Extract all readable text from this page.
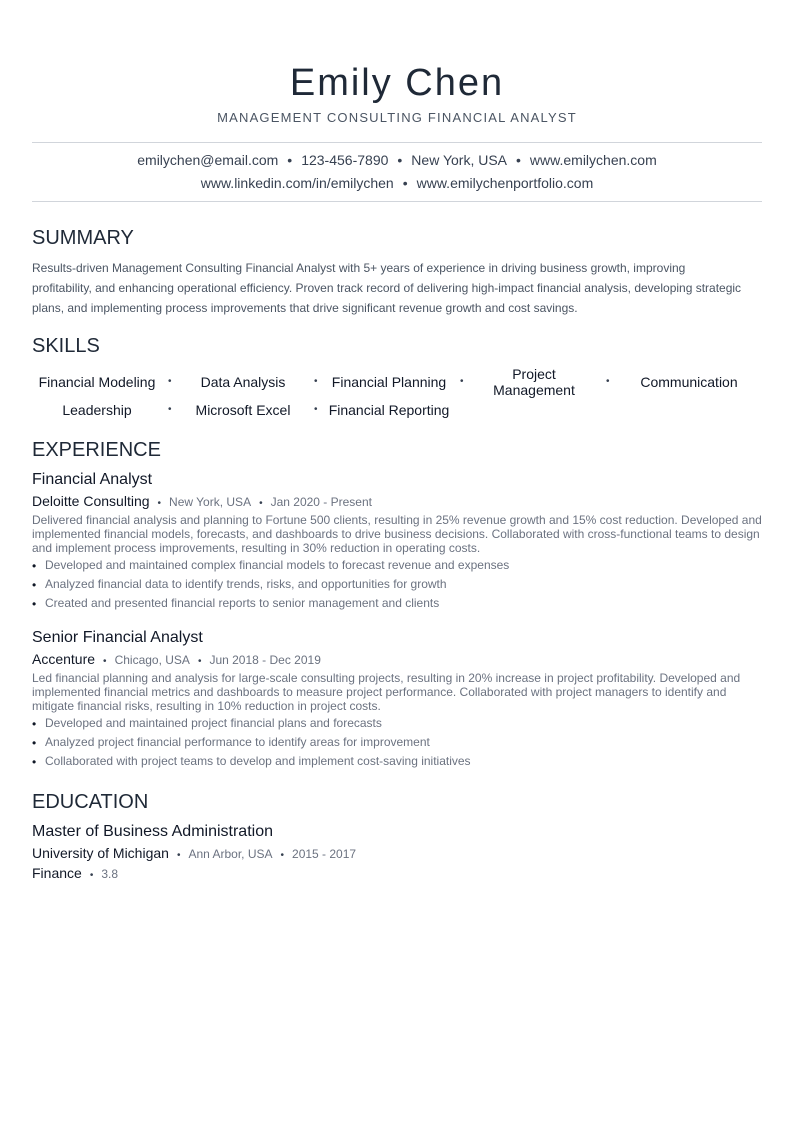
Emily Chen
MANAGEMENT CONSULTING FINANCIAL ANALYST
emilychen@email.com • 123-456-7890 • New York, USA • www.emilychen.com
www.linkedin.com/in/emilychen • www.emilychenportfolio.com
SUMMARY
Results-driven Management Consulting Financial Analyst with 5+ years of experience in driving business growth, improving profitability, and enhancing operational efficiency. Proven track record of delivering high-impact financial analysis, developing strategic plans, and implementing process improvements that drive significant revenue growth and cost savings.
SKILLS
Financial Modeling	•	Data Analysis	•	Financial Planning	•	Project Management
•	Communication
Leadership	•	Microsoft Excel	• Financial Reporting
EXPERIENCE
Financial Analyst
Deloitte Consulting • New York, USA • Jan 2020 - Present
Delivered financial analysis and planning to Fortune 500 clients, resulting in 25% revenue growth and 15% cost reduction. Developed and implemented financial models, forecasts, and dashboards to drive business decisions. Collaborated with cross-functional teams to design and implement process improvements, resulting in 30% reduction in operating costs.
• Developed and maintained complex financial models to forecast revenue and expenses
• Analyzed financial data to identify trends, risks, and opportunities for growth
• Created and presented financial reports to senior management and clients
Senior Financial Analyst
Accenture • Chicago, USA • Jun 2018 - Dec 2019
Led financial planning and analysis for large-scale consulting projects, resulting in 20% increase in project profitability. Developed and implemented financial metrics and dashboards to measure project performance. Collaborated with project managers to identify and mitigate financial risks, resulting in 10% reduction in project costs.
• Developed and maintained project financial plans and forecasts
• Analyzed project financial performance to identify areas for improvement
• Collaborated with project teams to develop and implement cost-saving initiatives
EDUCATION
Master of Business Administration
University of Michigan • Ann Arbor, USA • 2015 - 2017
Finance • 3.8
